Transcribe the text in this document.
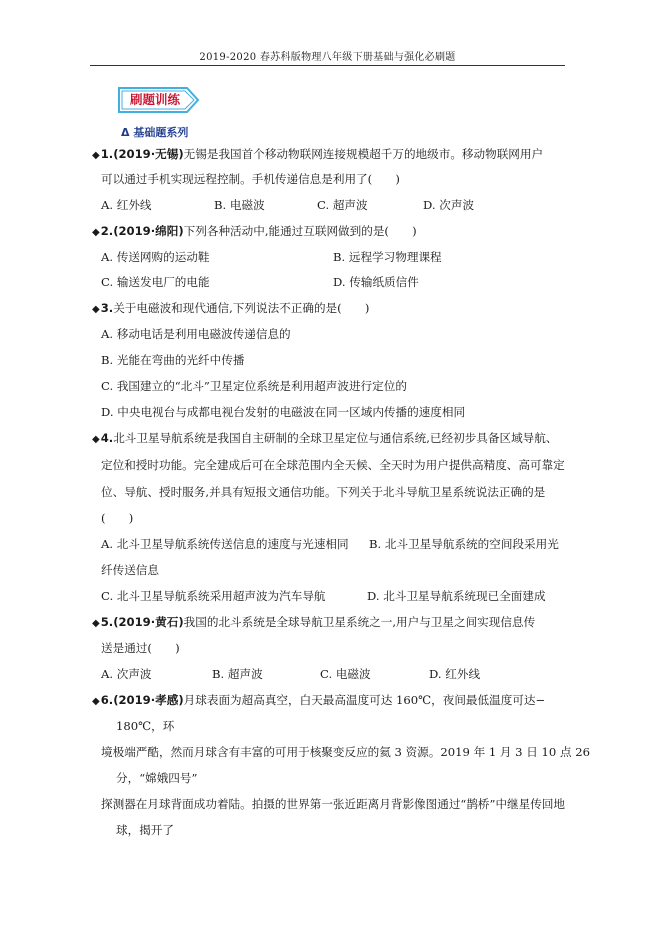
2019-2020 春苏科版物理八年级下册基础与强化必刷题
刷题训练
Δ 基础题系列
◆1.(2019·无锡)无锡是我国首个移动物联网连接规模超千万的地级市。移动物联网用户
可以通过手机实现远程控制。手机传递信息是利用了(　　)
A. 红外线	B. 电磁波	C. 超声波	D. 次声波
◆2.(2019·绵阳)下列各种活动中,能通过互联网做到的是(　　)
A. 传送网购的运动鞋	B. 远程学习物理课程
C. 输送发电厂的电能	D. 传输纸质信件
◆3.关于电磁波和现代通信,下列说法不正确的是(　　)
A. 移动电话是利用电磁波传递信息的
B. 光能在弯曲的光纤中传播
C. 我国建立的“北斗”卫星定位系统是利用超声波进行定位的
D. 中央电视台与成都电视台发射的电磁波在同一区域内传播的速度相同
◆4.北斗卫星导航系统是我国自主研制的全球卫星定位与通信系统,已经初步具备区域导航、
定位和授时功能。完全建成后可在全球范围内全天候、全天时为用户提供高精度、高可靠定
位、导航、授时服务,并具有短报文通信功能。下列关于北斗导航卫星系统说法正确的是
(　　)
A. 北斗卫星导航系统传送信息的速度与光速相同 B. 北斗卫星导航系统的空间段采用光
纤传送信息
C. 北斗卫星导航系统采用超声波为汽车导航	D. 北斗卫星导航系统现已全面建成
◆5.(2019·黄石)我国的北斗系统是全球导航卫星系统之一,用户与卫星之间实现信息传
送是通过(　　)
A. 次声波	B. 超声波	C. 电磁波	D. 红外线
◆6.(2019·孝感)月球表面为超高真空，白天最高温度可达 160℃，夜间最低温度可达−
180℃，环
境极端严酷，然而月球含有丰富的可用于核聚变反应的氦 3 资源。2019 年 1 月 3 日 10 点 26
分，“嫦娥四号”
探测器在月球背面成功着陆。拍摄的世界第一张近距离月背影像图通过“鹊桥”中继星传回地
球，揭开了
